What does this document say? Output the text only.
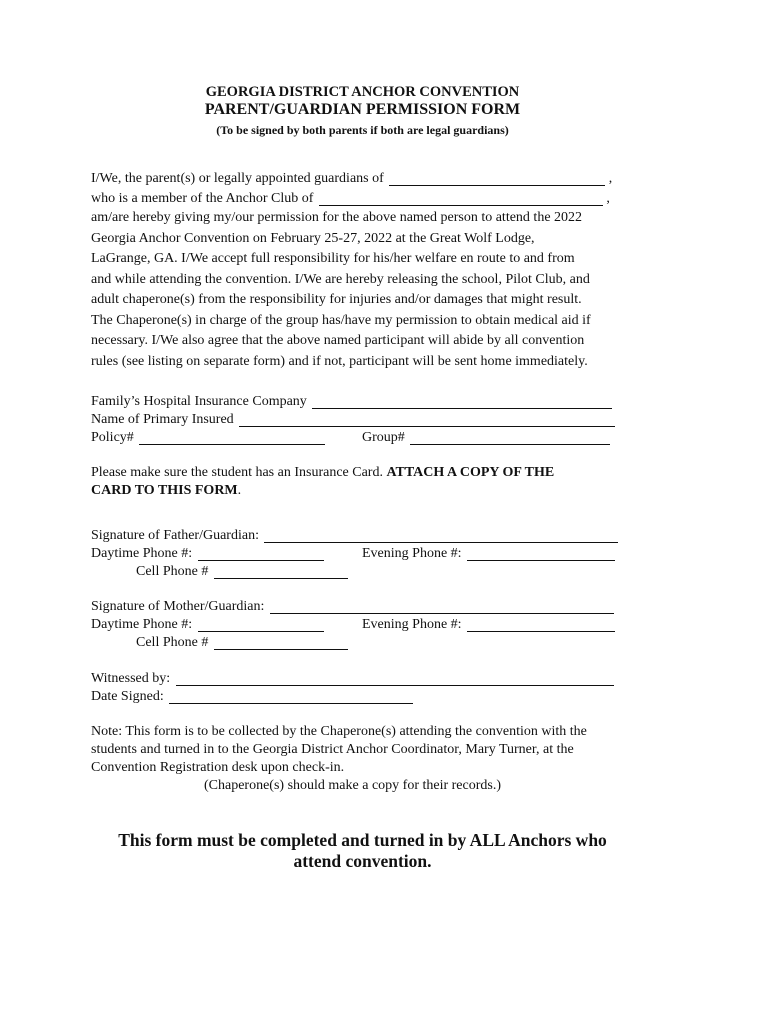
GEORGIA DISTRICT ANCHOR CONVENTION
PARENT/GUARDIAN PERMISSION FORM
(To be signed by both parents if both are legal guardians)
I/We, the parent(s) or legally appointed guardians of	,
who is a member of the Anchor Club of	,

am/are hereby giving my/our permission for the above named person to attend the 2022

Georgia Anchor Convention on February 25-27, 2022 at the Great Wolf Lodge,

LaGrange, GA. I/We accept full responsibility for his/her welfare en route to and from

and while attending the convention. I/We are hereby releasing the school, Pilot Club, and

adult chaperone(s) from the responsibility for injuries and/or damages that might result.

The Chaperone(s) in charge of the group has/have my permission to obtain medical aid if

necessary. I/We also agree that the above named participant will abide by all convention

rules (see listing on separate form) and if not, participant will be sent home immediately.

Family’s Hospital Insurance Company
Name of Primary Insured
Policy#	Group#
Please make sure the student has an Insurance Card. ATTACH A COPY OF THE
CARD TO THIS FORM.
Signature of Father/Guardian:
Daytime Phone #:	Evening Phone #:
Cell Phone #
Signature of Mother/Guardian:
Daytime Phone #:	Evening Phone #:
Cell Phone #
Witnessed by:
Date Signed:
Note: This form is to be collected by the Chaperone(s) attending the convention with the
students and turned in to the Georgia District Anchor Coordinator, Mary Turner, at the
Convention Registration desk upon check-in.
(Chaperone(s) should make a copy for their records.)
This form must be completed and turned in by ALL Anchors who
attend convention.
